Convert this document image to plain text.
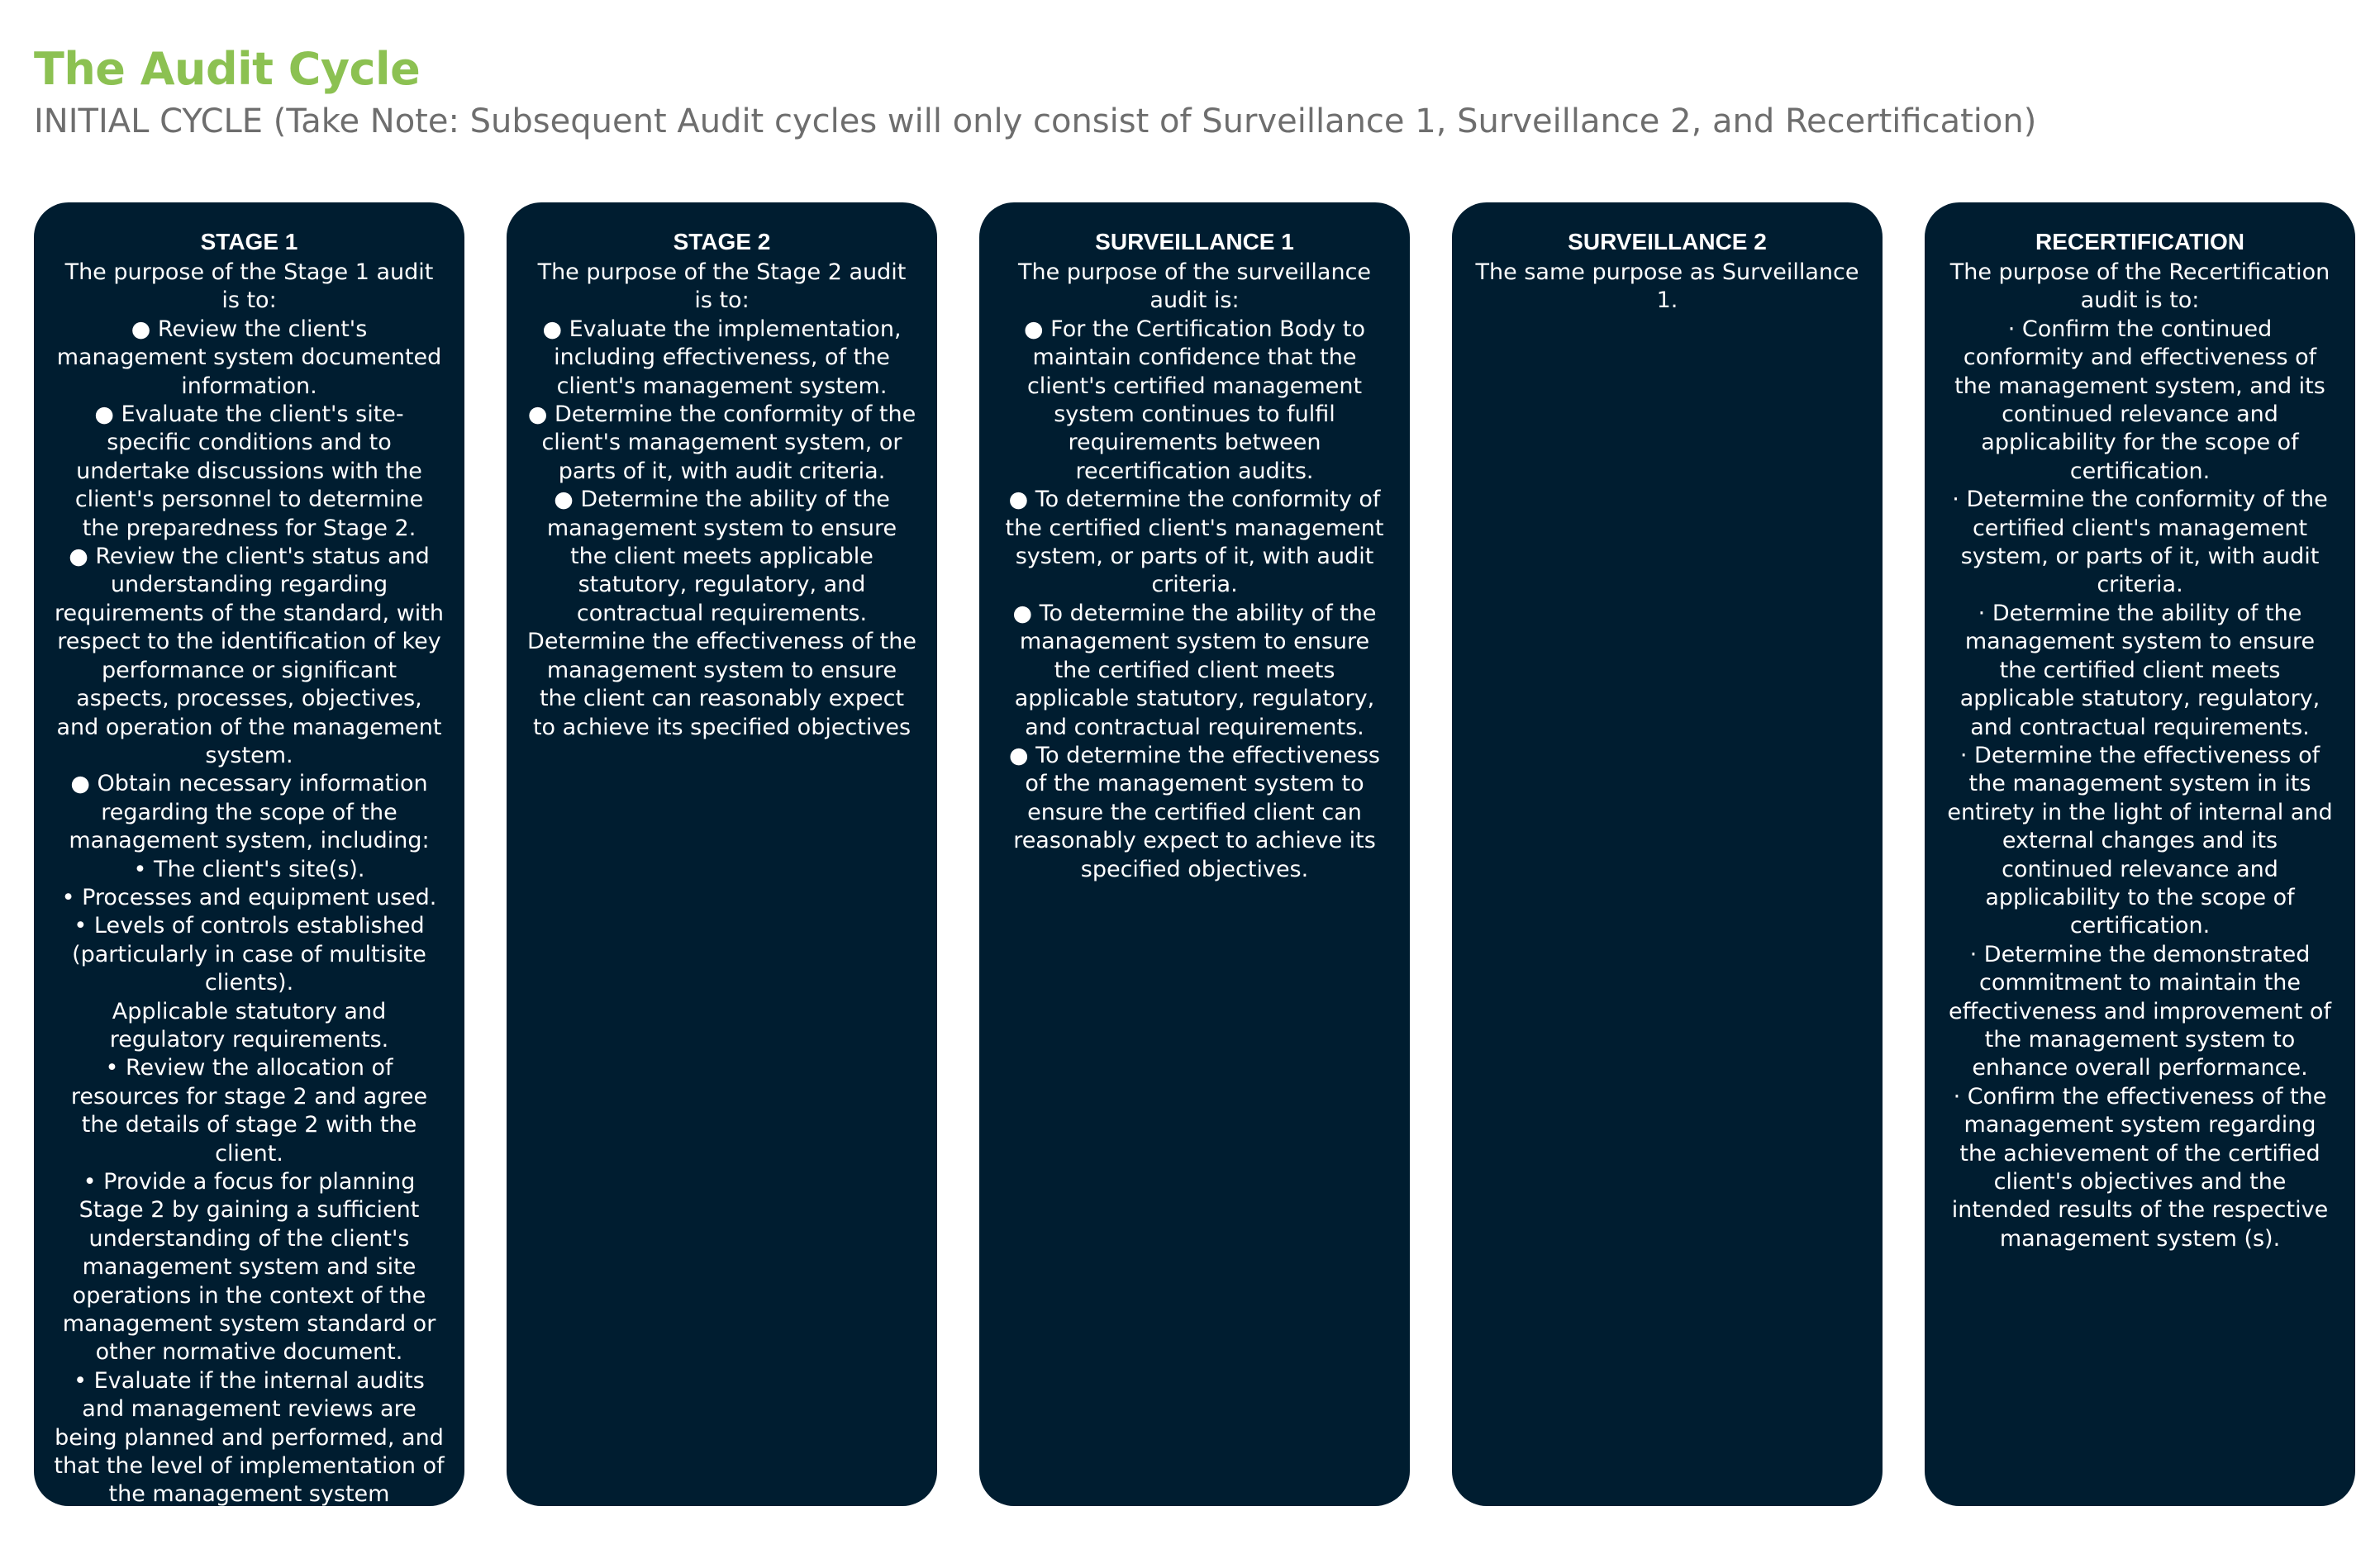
The Audit Cycle

INITIAL CYCLE (Take Note: Subsequent Audit cycles will only consist of Surveillance 1, Surveillance 2, and Recertification)

STAGE 1
The purpose of the Stage 1 audit is to:
● Review the client's management system documented information.
● Evaluate the client's site-specific conditions and to undertake discussions with the client's personnel to determine the preparedness for Stage 2.
● Review the client's status and understanding regarding requirements of the standard, with respect to the identification of key performance or significant aspects, processes, objectives, and operation of the management system.
● Obtain necessary information regarding the scope of the management system, including:
• The client's site(s).
• Processes and equipment used.
• Levels of controls established (particularly in case of multisite clients).
Applicable statutory and regulatory requirements.
• Review the allocation of resources for stage 2 and agree the details of stage 2 with the client.
• Provide a focus for planning Stage 2 by gaining a sufficient understanding of the client's management system and site operations in the context of the management system standard or other normative document.
• Evaluate if the internal audits and management reviews are being planned and performed, and that the level of implementation of the management system substantiates that the client is ready for Stage 2.
STAGE 2
The purpose of the Stage 2 audit is to:
● Evaluate the implementation, including effectiveness, of the client's management system.
● Determine the conformity of the client's management system, or parts of it, with audit criteria.
● Determine the ability of the management system to ensure the client meets applicable statutory, regulatory, and contractual requirements.
Determine the effectiveness of the management system to ensure the client can reasonably expect to achieve its specified objectives
SURVEILLANCE 1
The purpose of the surveillance audit is:
● For the Certification Body to maintain confidence that the client's certified management system continues to fulfil requirements between recertification audits.
● To determine the conformity of the certified client's management system, or parts of it, with audit criteria.
● To determine the ability of the management system to ensure the certified client meets applicable statutory, regulatory, and contractual requirements.
● To determine the effectiveness of the management system to ensure the certified client can reasonably expect to achieve its specified objectives.
SURVEILLANCE 2
The same purpose as Surveillance 1.
RECERTIFICATION
The purpose of the Recertification audit is to:
· Confirm the continued conformity and effectiveness of the management system, and its continued relevance and applicability for the scope of certification.
· Determine the conformity of the certified client's management system, or parts of it, with audit criteria.
· Determine the ability of the management system to ensure the certified client meets applicable statutory, regulatory, and contractual requirements.
· Determine the effectiveness of the management system in its entirety in the light of internal and external changes and its continued relevance and applicability to the scope of certification.
· Determine the demonstrated commitment to maintain the effectiveness and improvement of the management system to enhance overall performance.
· Confirm the effectiveness of the management system regarding the achievement of the certified client's objectives and the intended results of the respective management system (s).
